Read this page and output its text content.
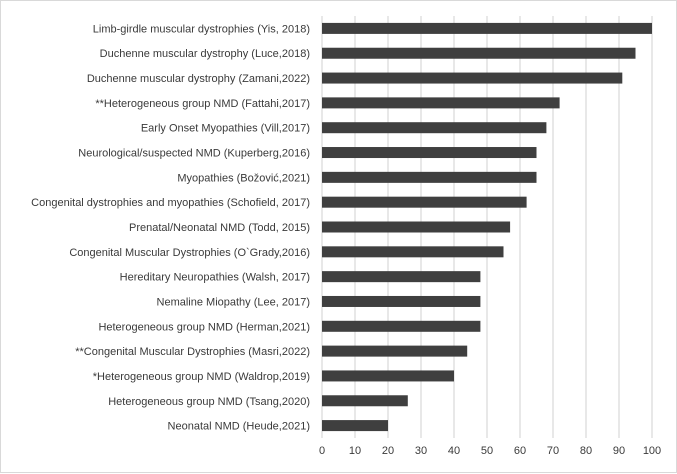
Limb-girdle muscular dystrophies (Yis, 2018)
Duchenne muscular dystrophy (Luce,2018)
Duchenne muscular dystrophy (Zamani,2022)
**Heterogeneous group NMD (Fattahi,2017)
Early Onset Myopathies (Vill,2017)
Neurological/suspected NMD (Kuperberg,2016)
Myopathies (Božović,2021)
Congenital dystrophies and myopathies (Schofield, 2017)
Prenatal/Neonatal NMD (Todd, 2015)
Congenital Muscular Dystrophies (O`Grady,2016)
Hereditary Neuropathies (Walsh, 2017)
Nemaline Miopathy (Lee, 2017)
Heterogeneous group NMD (Herman,2021)
**Congenital Muscular Dystrophies (Masri,2022)
*Heterogeneous group NMD (Waldrop,2019)
Heterogeneous group NMD (Tsang,2020)
Neonatal NMD (Heude,2021)
0 10 20 30 40 50 60 70 80 90 100
